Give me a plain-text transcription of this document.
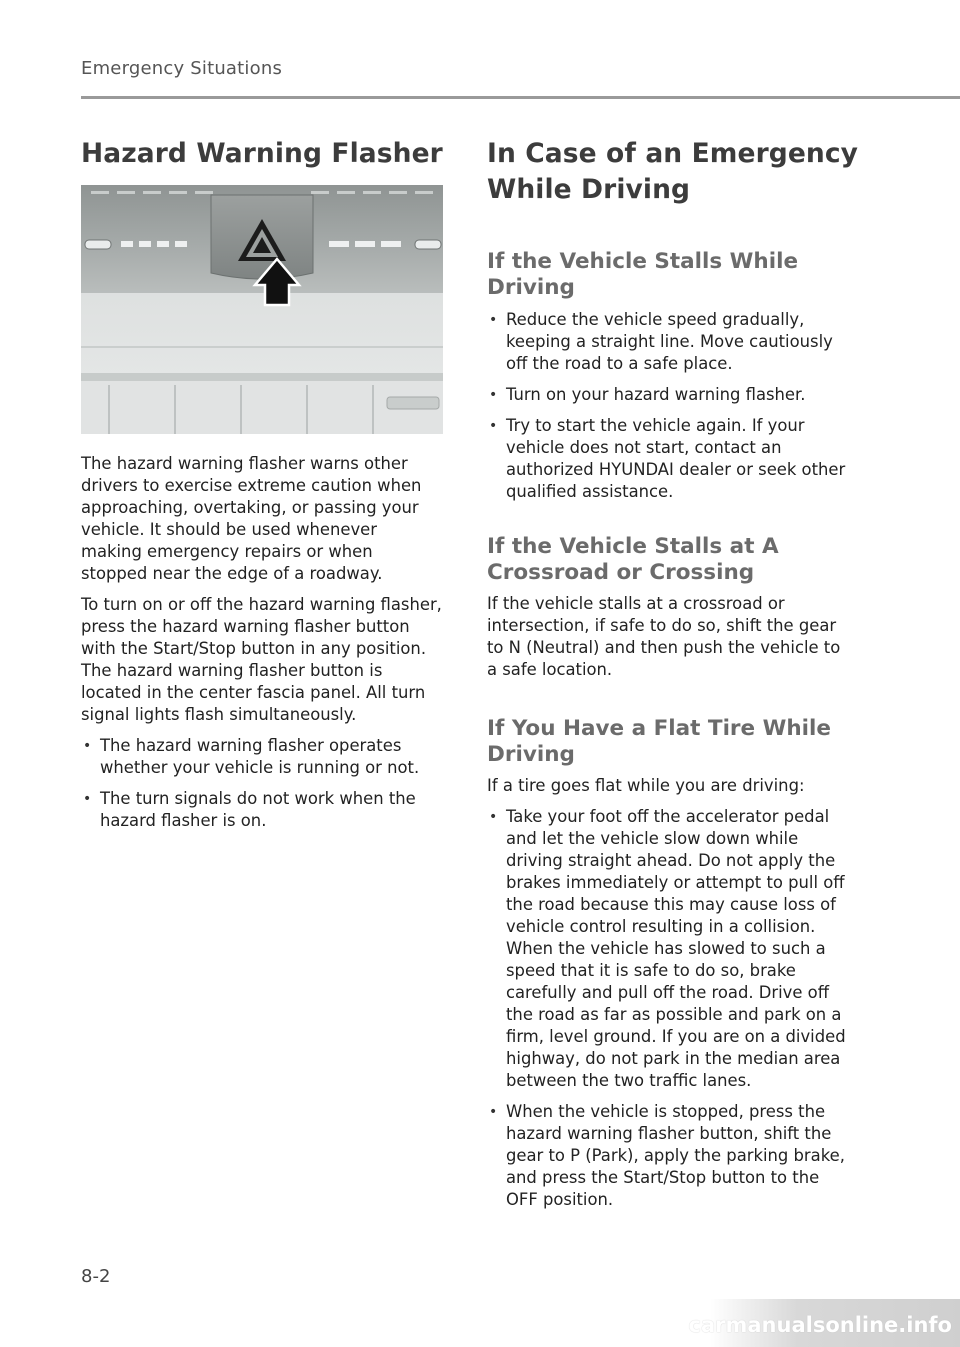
Emergency Situations
Hazard Warning Flasher

The hazard warning flasher warns other drivers to exercise extreme caution when approaching, overtaking, or passing your vehicle. It should be used whenever making emergency repairs or when stopped near the edge of a roadway.

To turn on or off the hazard warning flasher, press the hazard warning flasher button with the Start/Stop button in any position. The hazard warning flasher button is located in the center fascia panel. All turn signal lights flash simultaneously.

• The hazard warning flasher operates whether your vehicle is running or not.
• The turn signals do not work when the hazard flasher is on.
In Case of an Emergency
While Driving
If the Vehicle Stalls While Driving
• Reduce the vehicle speed gradually, keeping a straight line. Move cautiously off the road to a safe place.
• Turn on your hazard warning flasher.
• Try to start the vehicle again. If your vehicle does not start, contact an authorized HYUNDAI dealer or seek other qualified assistance.
If the Vehicle Stalls at A Crossroad or Crossing

If the vehicle stalls at a crossroad or intersection, if safe to do so, shift the gear to N (Neutral) and then push the vehicle to a safe location.

If You Have a Flat Tire While Driving

If a tire goes flat while you are driving:

• Take your foot off the accelerator pedal and let the vehicle slow down while driving straight ahead. Do not apply the brakes immediately or attempt to pull off the road because this may cause loss of vehicle control resulting in a collision. When the vehicle has slowed to such a speed that it is safe to do so, brake carefully and pull off the road. Drive off the road as far as possible and park on a firm, level ground. If you are on a divided highway, do not park in the median area between the two traffic lanes.
• When the vehicle is stopped, press the hazard warning flasher button, shift the gear to P (Park), apply the parking brake, and press the Start/Stop button to the OFF position.
8-2
carmanualsonline.info
